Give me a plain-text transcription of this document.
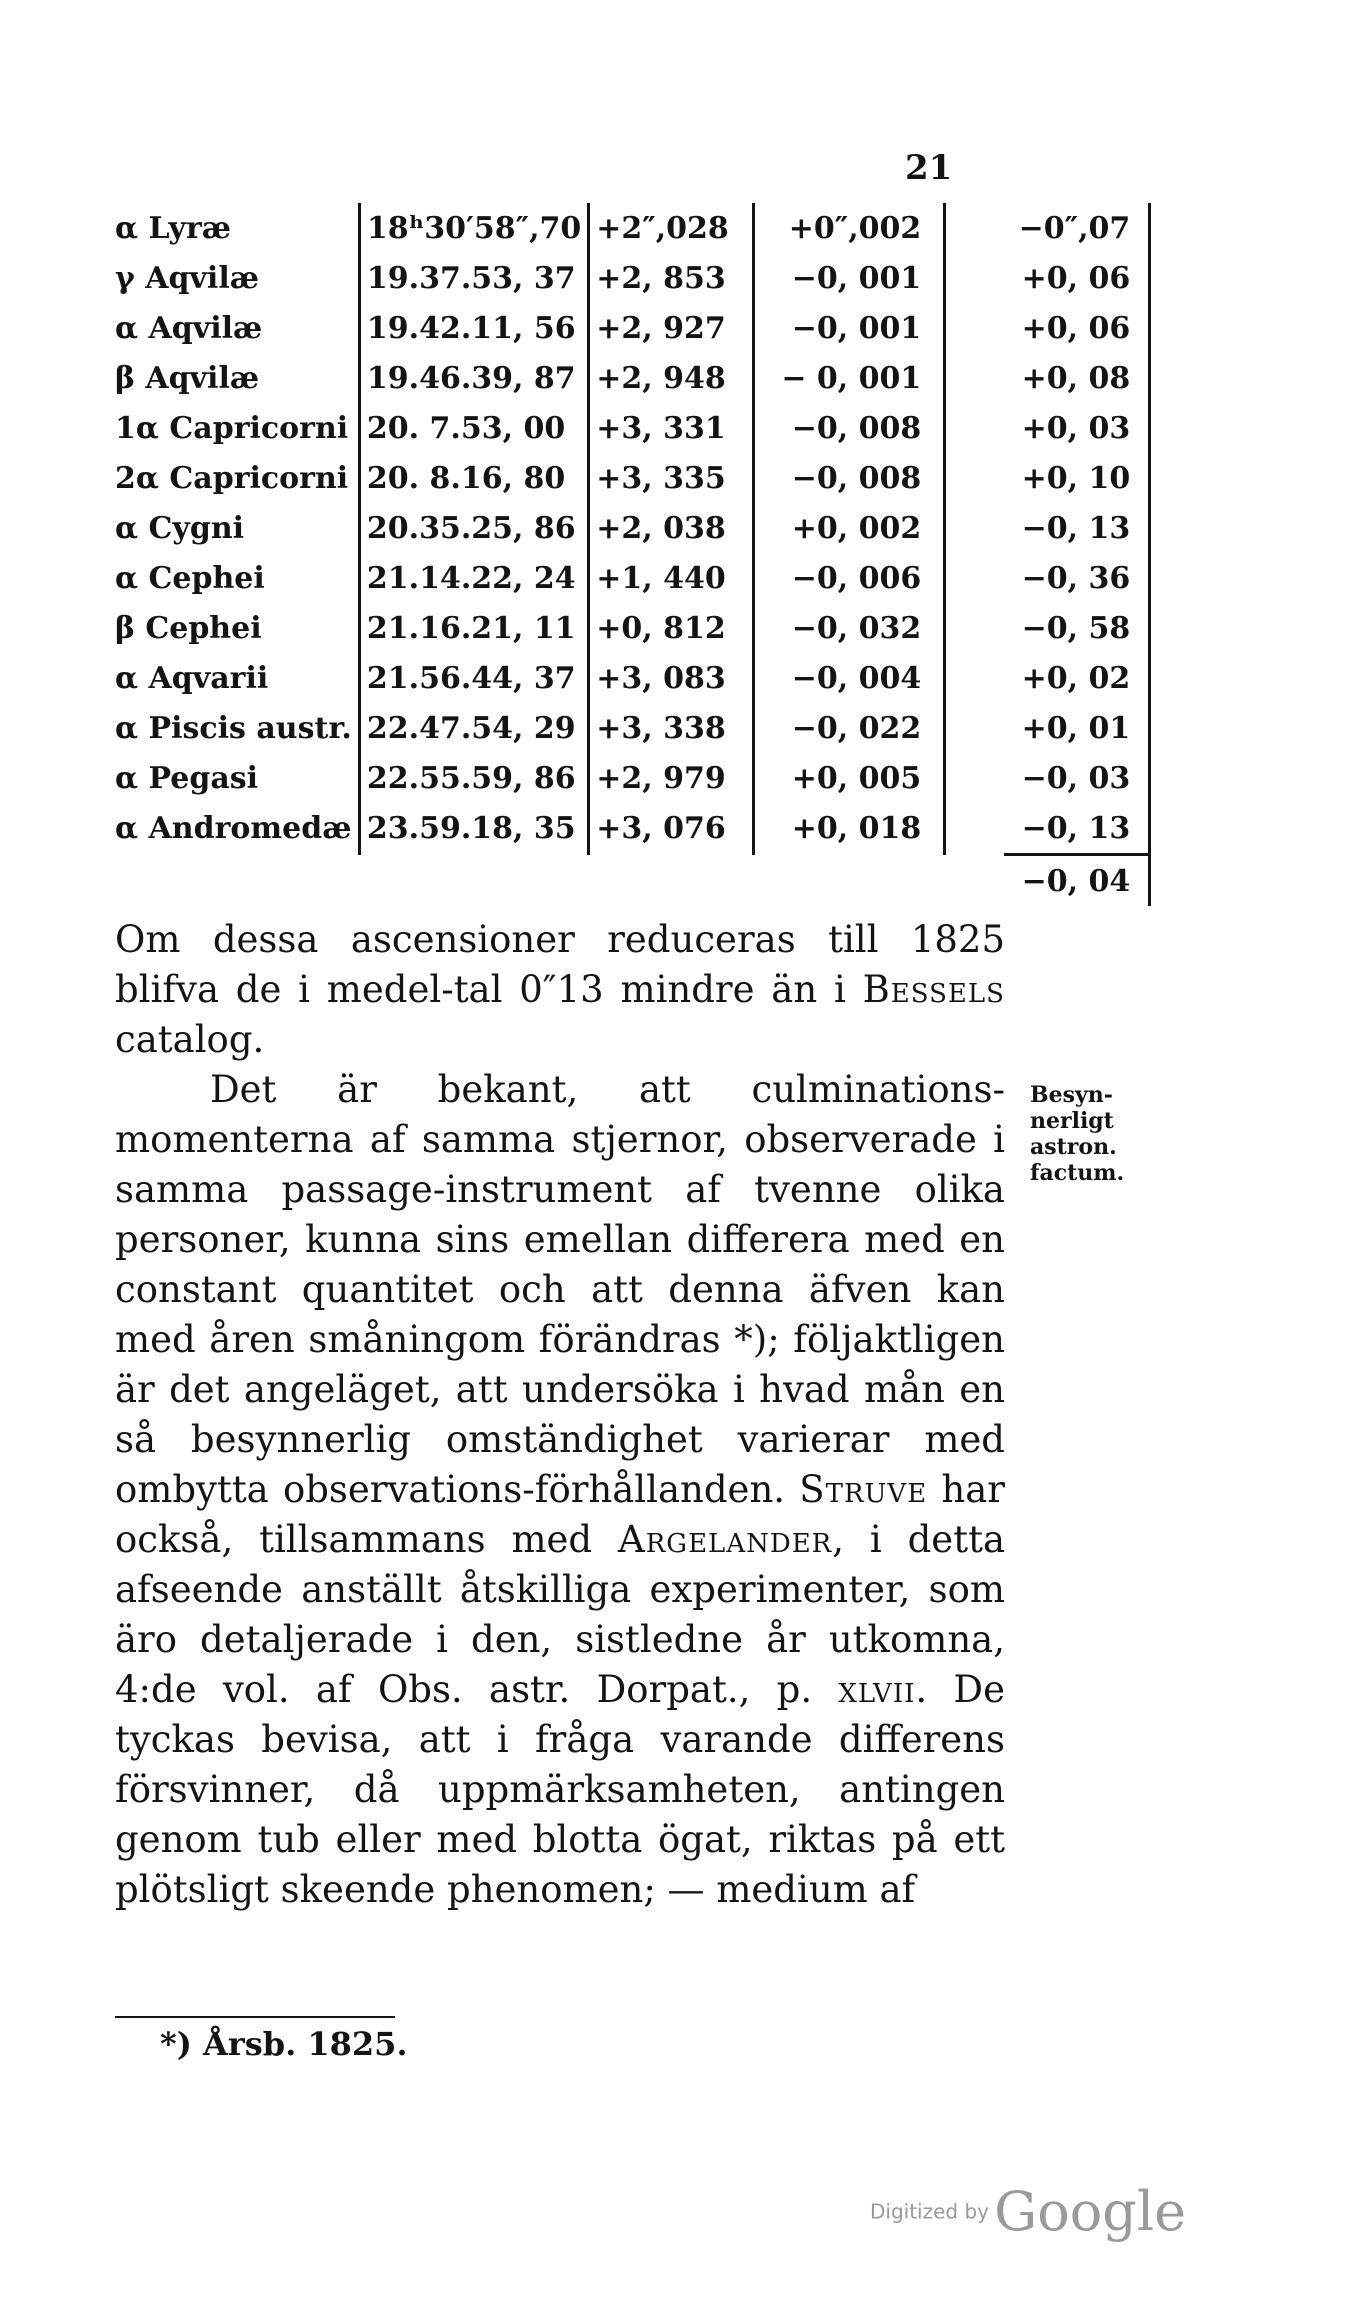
21
α Lyræ	18ʰ30′58″,70	+2″,028	+0″,002		−0″,07
γ Aqvilæ	19.37.53, 37	+2, 853	−0, 001		+0, 06
α Aqvilæ	19.42.11, 56	+2, 927	−0, 001		+0, 06
β Aqvilæ	19.46.39, 87	+2, 948	− 0, 001		+0, 08
1α Capricorni	20. 7.53, 00	+3, 331	−0, 008		+0, 03
2α Capricorni	20. 8.16, 80	+3, 335	−0, 008		+0, 10
α Cygni	20.35.25, 86	+2, 038	+0, 002		−0, 13
α Cephei	21.14.22, 24	+1, 440	−0, 006		−0, 36
β Cephei	21.16.21, 11	+0, 812	−0, 032		−0, 58
α Aqvarii	21.56.44, 37	+3, 083	−0, 004		+0, 02
α Piscis austr.	22.47.54, 29	+3, 338	−0, 022		+0, 01
α Pegasi	22.55.59, 86	+2, 979	+0, 005		−0, 03
α Andromedæ	23.59.18, 35	+3, 076	+0, 018		−0, 13
					−0, 04

Om dessa ascensioner reduceras till 1825 blifva de i medel-tal 0″13 mindre än i Bessels catalog.

Det är bekant, att culminations-momenterna af samma stjernor, observerade i samma passage-instrument af tvenne olika personer, kunna sins emellan differera med en constant quantitet och att denna äfven kan med åren småningom förändras *); följaktligen är det angeläget, att undersöka i hvad mån en så besynnerlig omständighet varierar med ombytta observations-förhållanden. Struve har också, tillsammans med Argelander, i detta afseende anställt åtskilliga experimenter, som äro detaljerade i den, sistledne år utkomna, 4:de vol. af Obs. astr. Dorpat., p. xlvii. De tyckas bevisa, att i fråga varande differens försvinner, då uppmärksamheten, antingen genom tub eller med blotta ögat, riktas på ett plötsligt skeende phenomen; — medium af

Besyn-
nerligt
astron.
factum.
*) Årsb. 1825.
Digitized by Google
